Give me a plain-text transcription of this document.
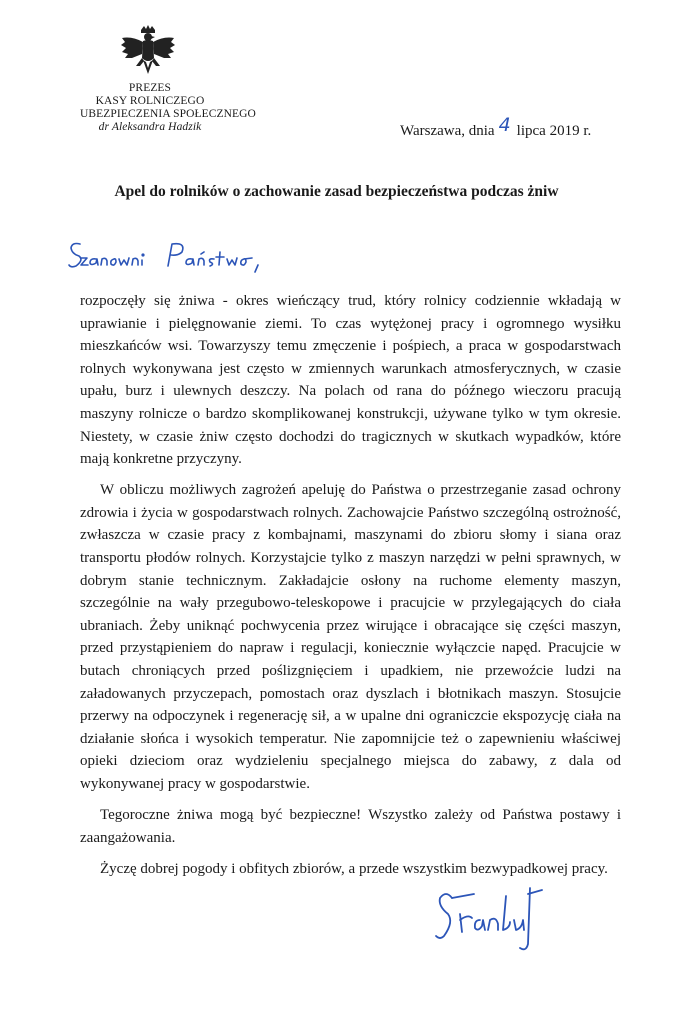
PREZES
KASY ROLNICZEGO
UBEZPIECZENIA SPOŁECZNEGO
dr Aleksandra Hadzik	Warszawa, dnia 4 lipca 2019 r.
Apel do rolników o zachowanie zasad bezpieczeństwa podczas żniw

rozpoczęły się żniwa - okres wieńczący trud, który rolnicy codziennie wkładają w uprawianie i pielęgnowanie ziemi. To czas wytężonej pracy i ogromnego wysiłku mieszkańców wsi. Towarzyszy temu zmęczenie i pośpiech, a praca w gospodarstwach rolnych wykonywana jest często w zmiennych warunkach atmosferycznych, w czasie upału, burz i ulewnych deszczy. Na polach od rana do późnego wieczoru pracują maszyny rolnicze o bardzo skomplikowanej konstrukcji, używane tylko w tym okresie. Niestety, w czasie żniw często dochodzi do tragicznych w skutkach wypadków, które mają konkretne przyczyny.

W obliczu możliwych zagrożeń apeluję do Państwa o przestrzeganie zasad ochrony zdrowia i życia w gospodarstwach rolnych. Zachowajcie Państwo szczególną ostrożność, zwłaszcza w czasie pracy z kombajnami, maszynami do zbioru słomy i siana oraz transportu płodów rolnych. Korzystajcie tylko z maszyn narzędzi w pełni sprawnych, w dobrym stanie technicznym. Zakładajcie osłony na ruchome elementy maszyn, szczególnie na wały przegubowo-teleskopowe i pracujcie w przylegających do ciała ubraniach. Żeby uniknąć pochwycenia przez wirujące i obracające się części maszyn, przed przystąpieniem do napraw i regulacji, koniecznie wyłączcie napęd. Pracujcie w butach chroniących przed poślizgnięciem i upadkiem, nie przewoźcie ludzi na załadowanych przyczepach, pomostach oraz dyszlach i błotnikach maszyn. Stosujcie przerwy na odpoczynek i regenerację sił, a w upalne dni ograniczcie ekspozycję ciała na działanie słońca i wysokich temperatur. Nie zapomnijcie też o zapewnieniu właściwej opieki dzieciom oraz wydzieleniu specjalnego miejsca do zabawy, z dala od wykonywanej pracy w gospodarstwie.

Tegoroczne żniwa mogą być bezpieczne! Wszystko zależy od Państwa postawy i zaangażowania.

Życzę dobrej pogody i obfitych zbiorów, a przede wszystkim bezwypadkowej pracy.
